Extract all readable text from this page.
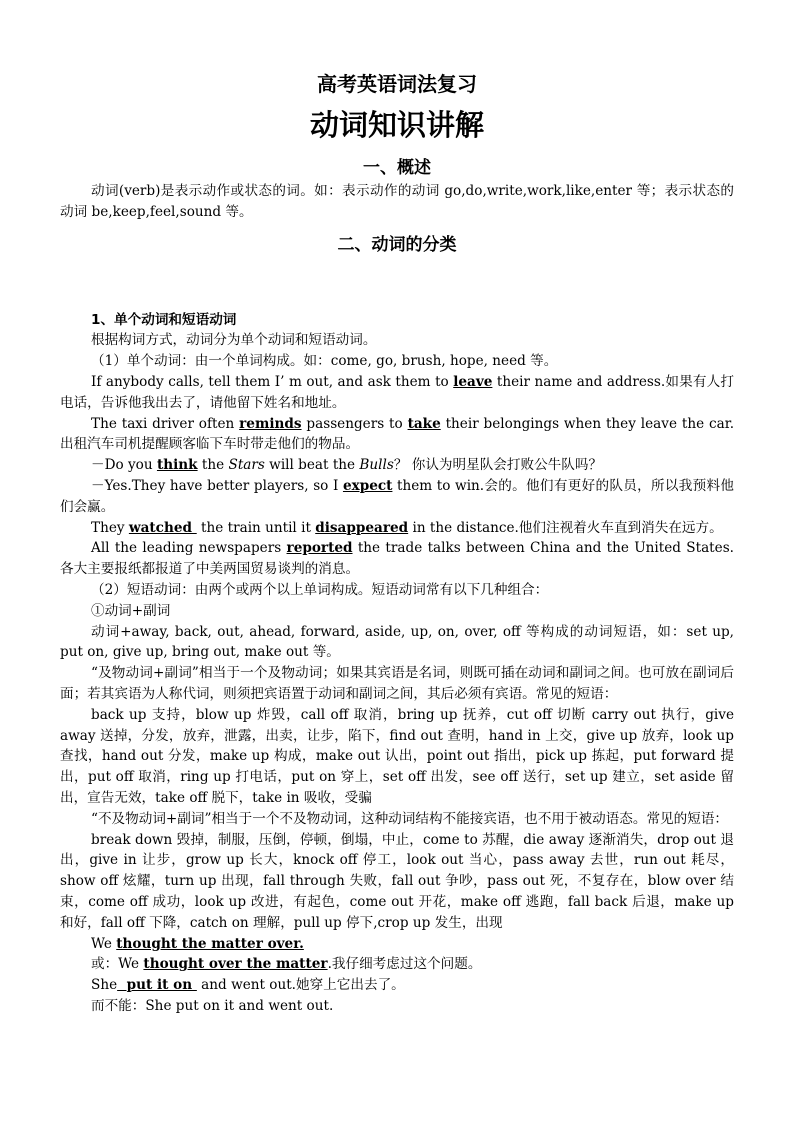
高考英语词法复习
动词知识讲解
一、概述

动词(verb)是表示动作或状态的词。如：表示动作的动词 go,do,write,work,like,enter 等；表示状态的动词 be,keep,feel,sound 等。

二、动词的分类

1、单个动词和短语动词

根据构词方式，动词分为单个动词和短语动词。

（1）单个动词：由一个单词构成。如：come, go, brush, hope, need 等。

If anybody calls, tell them I’ m out, and ask them to leave their name and address.如果有人打电话，告诉他我出去了，请他留下姓名和地址。

The taxi driver often reminds passengers to take their belongings when they leave the car.出租汽车司机提醒顾客临下车时带走他们的物品。

－Do you think the Stars will beat the Bulls？ 你认为明星队会打败公牛队吗？

－Yes.They have better players, so I expect them to win.会的。他们有更好的队员，所以我预料他们会赢。

They watched  the train until it disappeared in the distance.他们注视着火车直到消失在远方。

All the leading newspapers reported the trade talks between China and the United States.各大主要报纸都报道了中美两国贸易谈判的消息。

（2）短语动词：由两个或两个以上单词构成。短语动词常有以下几种组合：

①动词+副词

动词+away, back, out, ahead, forward, aside, up, on, over, off 等构成的动词短语，如：set up, put on, give up, bring out, make out 等。

“及物动词+副词”相当于一个及物动词；如果其宾语是名词，则既可插在动词和副词之间。也可放在副词后面；若其宾语为人称代词，则须把宾语置于动词和副词之间，其后必须有宾语。常见的短语：

back up 支持，blow up 炸毁，call off 取消，bring up 抚养，cut off 切断 carry out 执行，give away 送掉，分发，放弃，泄露，出卖，让步，陷下，find out 查明，hand in 上交，give up 放弃，look up 查找，hand out 分发，make up 构成，make out 认出，point out 指出，pick up 拣起，put forward 提出，put off 取消，ring up 打电话，put on 穿上，set off 出发，see off 送行，set up 建立，set aside 留出，宣告无效，take off 脱下，take in 吸收，受骗

“不及物动词+副词”相当于一个不及物动词，这种动词结构不能接宾语，也不用于被动语态。常见的短语：

break down 毁掉，制服，压倒，停顿，倒塌，中止，come to 苏醒，die away 逐渐消失，drop out 退出，give in 让步，grow up 长大，knock off 停工，look out 当心，pass away 去世，run out 耗尽，show off 炫耀，turn up 出现，fall through 失败，fall out 争吵，pass out 死，不复存在，blow over 结束，come off 成功，look up 改进，有起色，come out 开花，make off 逃跑，fall back 后退，make up 和好，fall off 下降，catch on 理解，pull up 停下,crop up 发生，出现

We thought the matter over.

或：We thought over the matter.我仔细考虑过这个问题。

She  put it on  and went out.她穿上它出去了。

而不能：She put on it and went out.
